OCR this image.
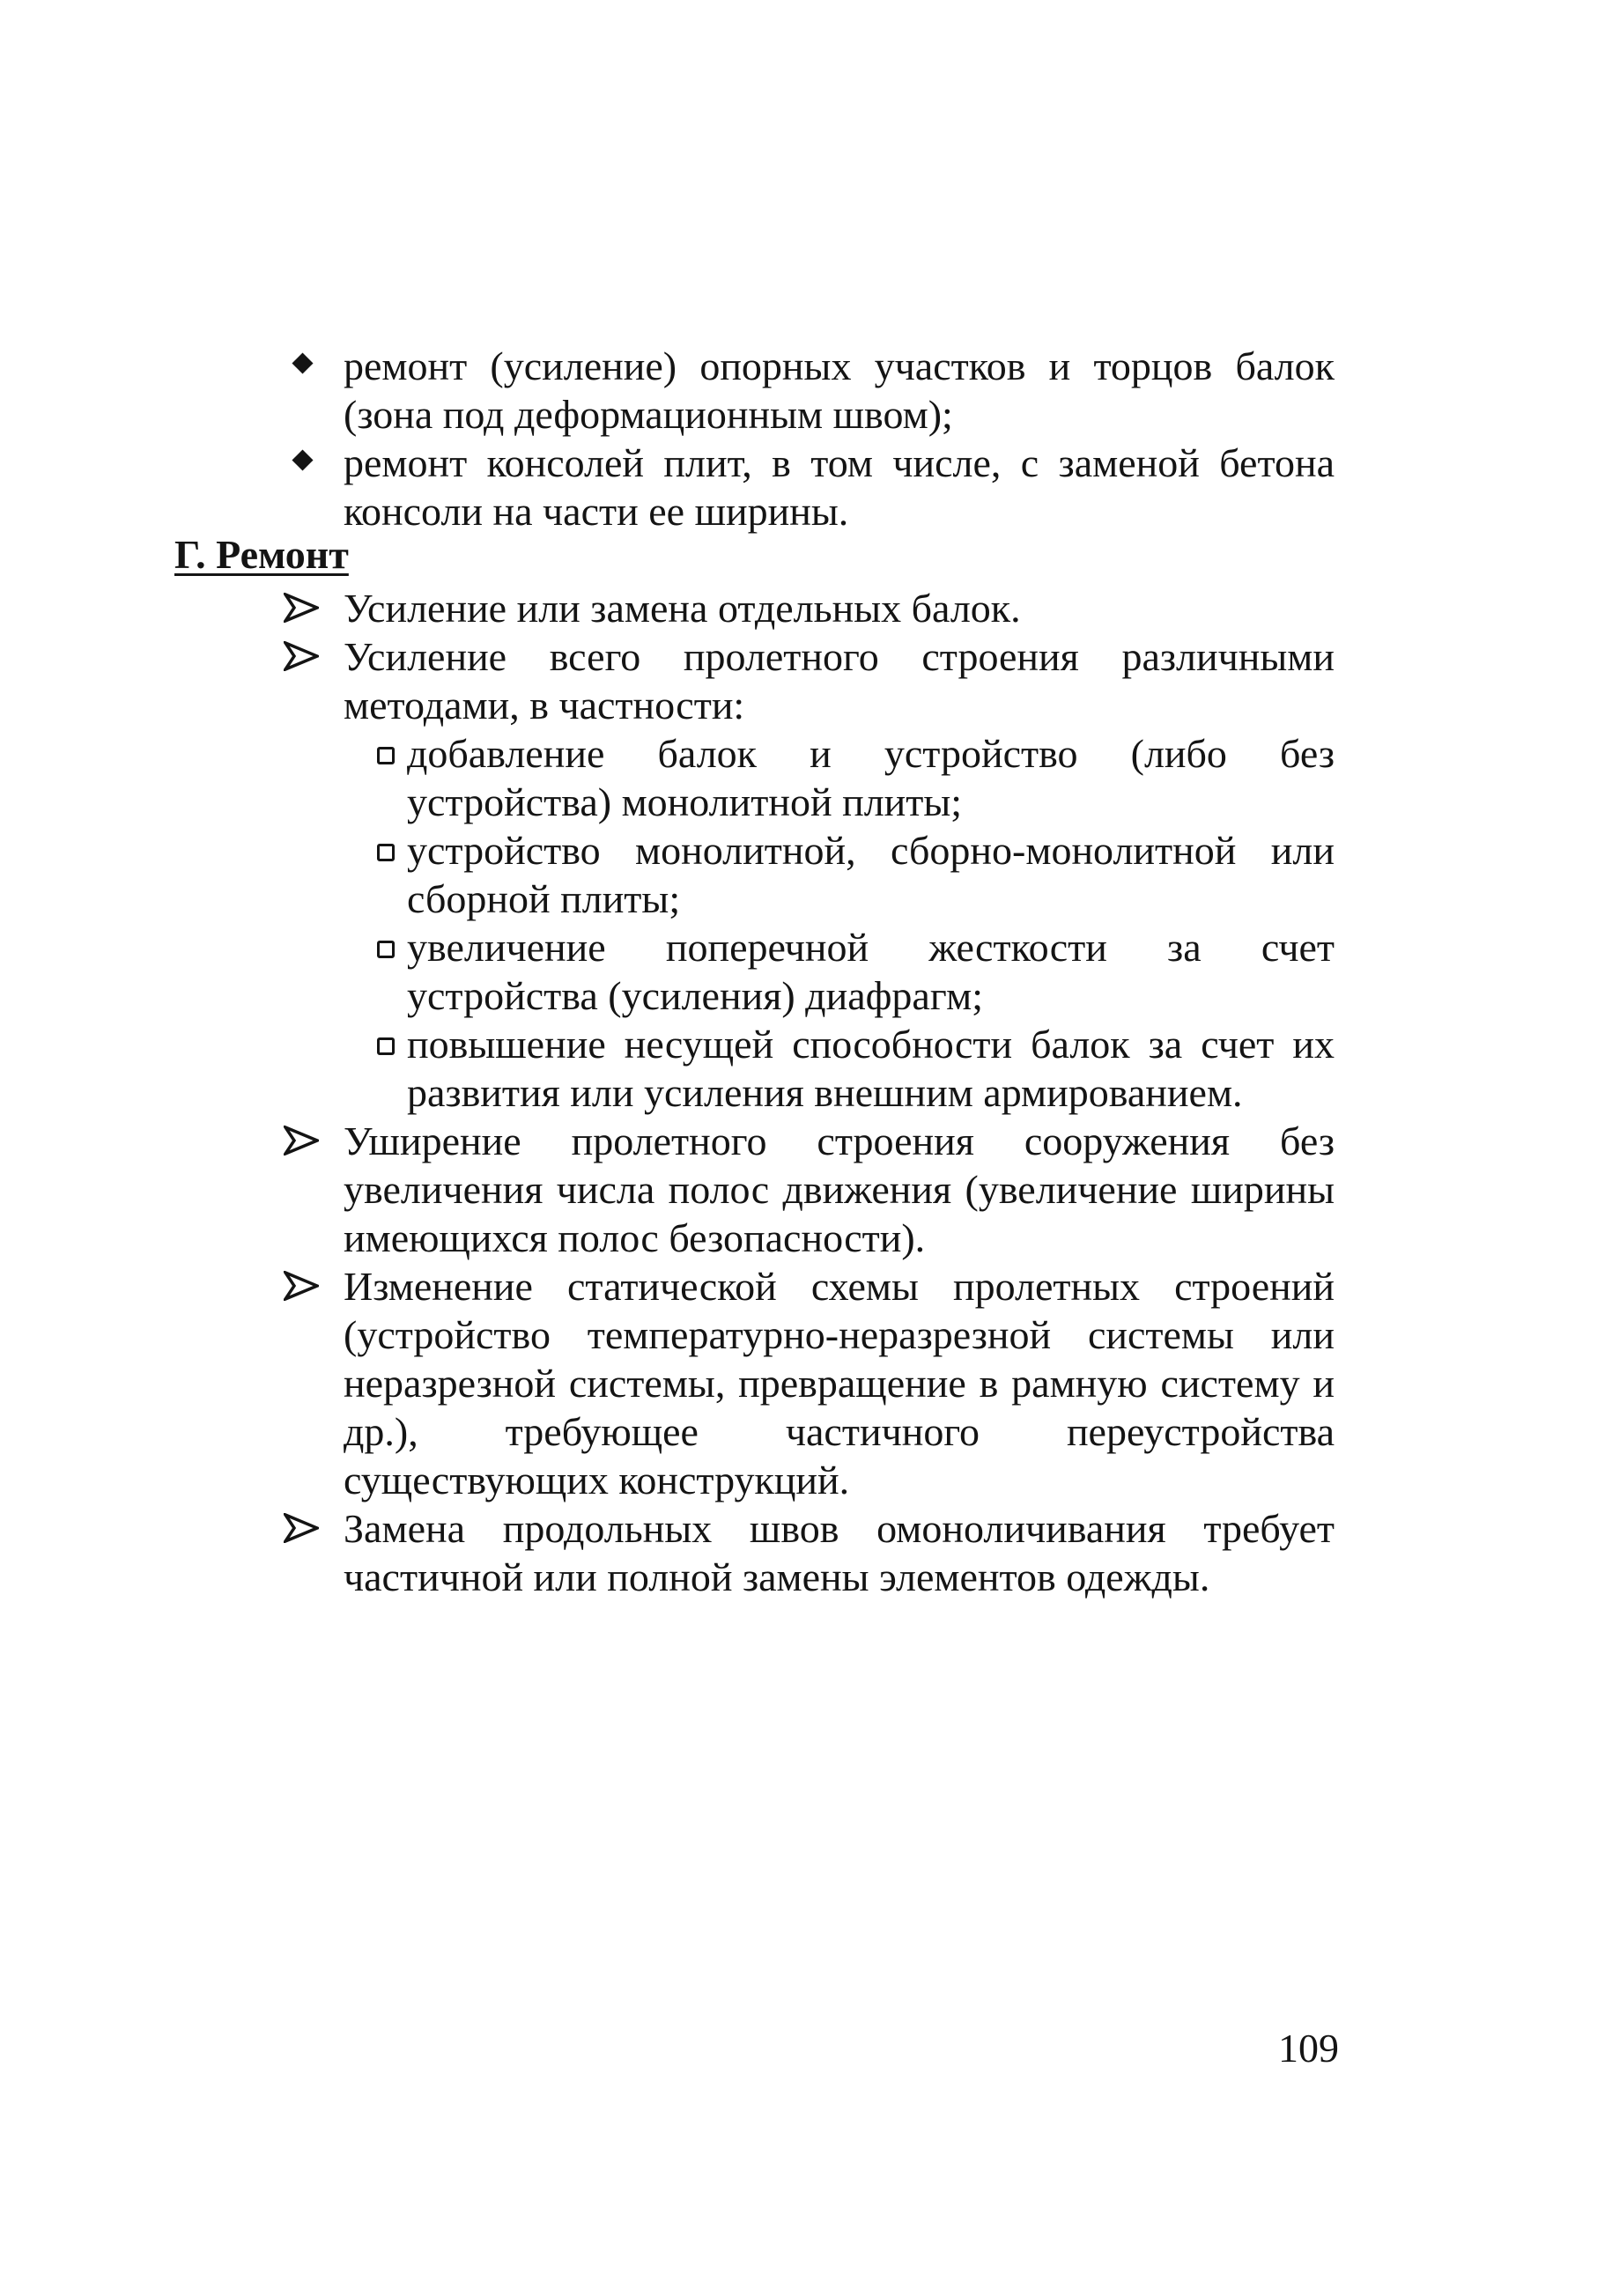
ремонт (усиление) опорных участков и торцов балок (зона под деформационным швом);
ремонт консолей плит, в том числе, с заменой бетона консоли на части ее ширины.
Г. Ремонт
Усиление или замена отдельных балок.
Усиление всего пролетного строения различными методами, в частности:
добавление балок и устройство (либо без устройства) монолитной плиты;
устройство монолитной, сборно-монолитной или сборной плиты;
увеличение поперечной жесткости за счет устройства (усиления) диафрагм;
повышение несущей способности балок за счет их развития или усиления внешним армированием.
Уширение пролетного строения сооружения без увеличения числа полос движения (увеличение ширины имеющихся полос безопасности).
Изменение статической схемы пролетных строений (устройство температурно-неразрезной системы или неразрезной системы, превращение в рамную систему и др.), требующее частичного переустройства существующих конструкций.
Замена продольных швов омоноличивания требует частичной или полной замены элементов одежды.
109
